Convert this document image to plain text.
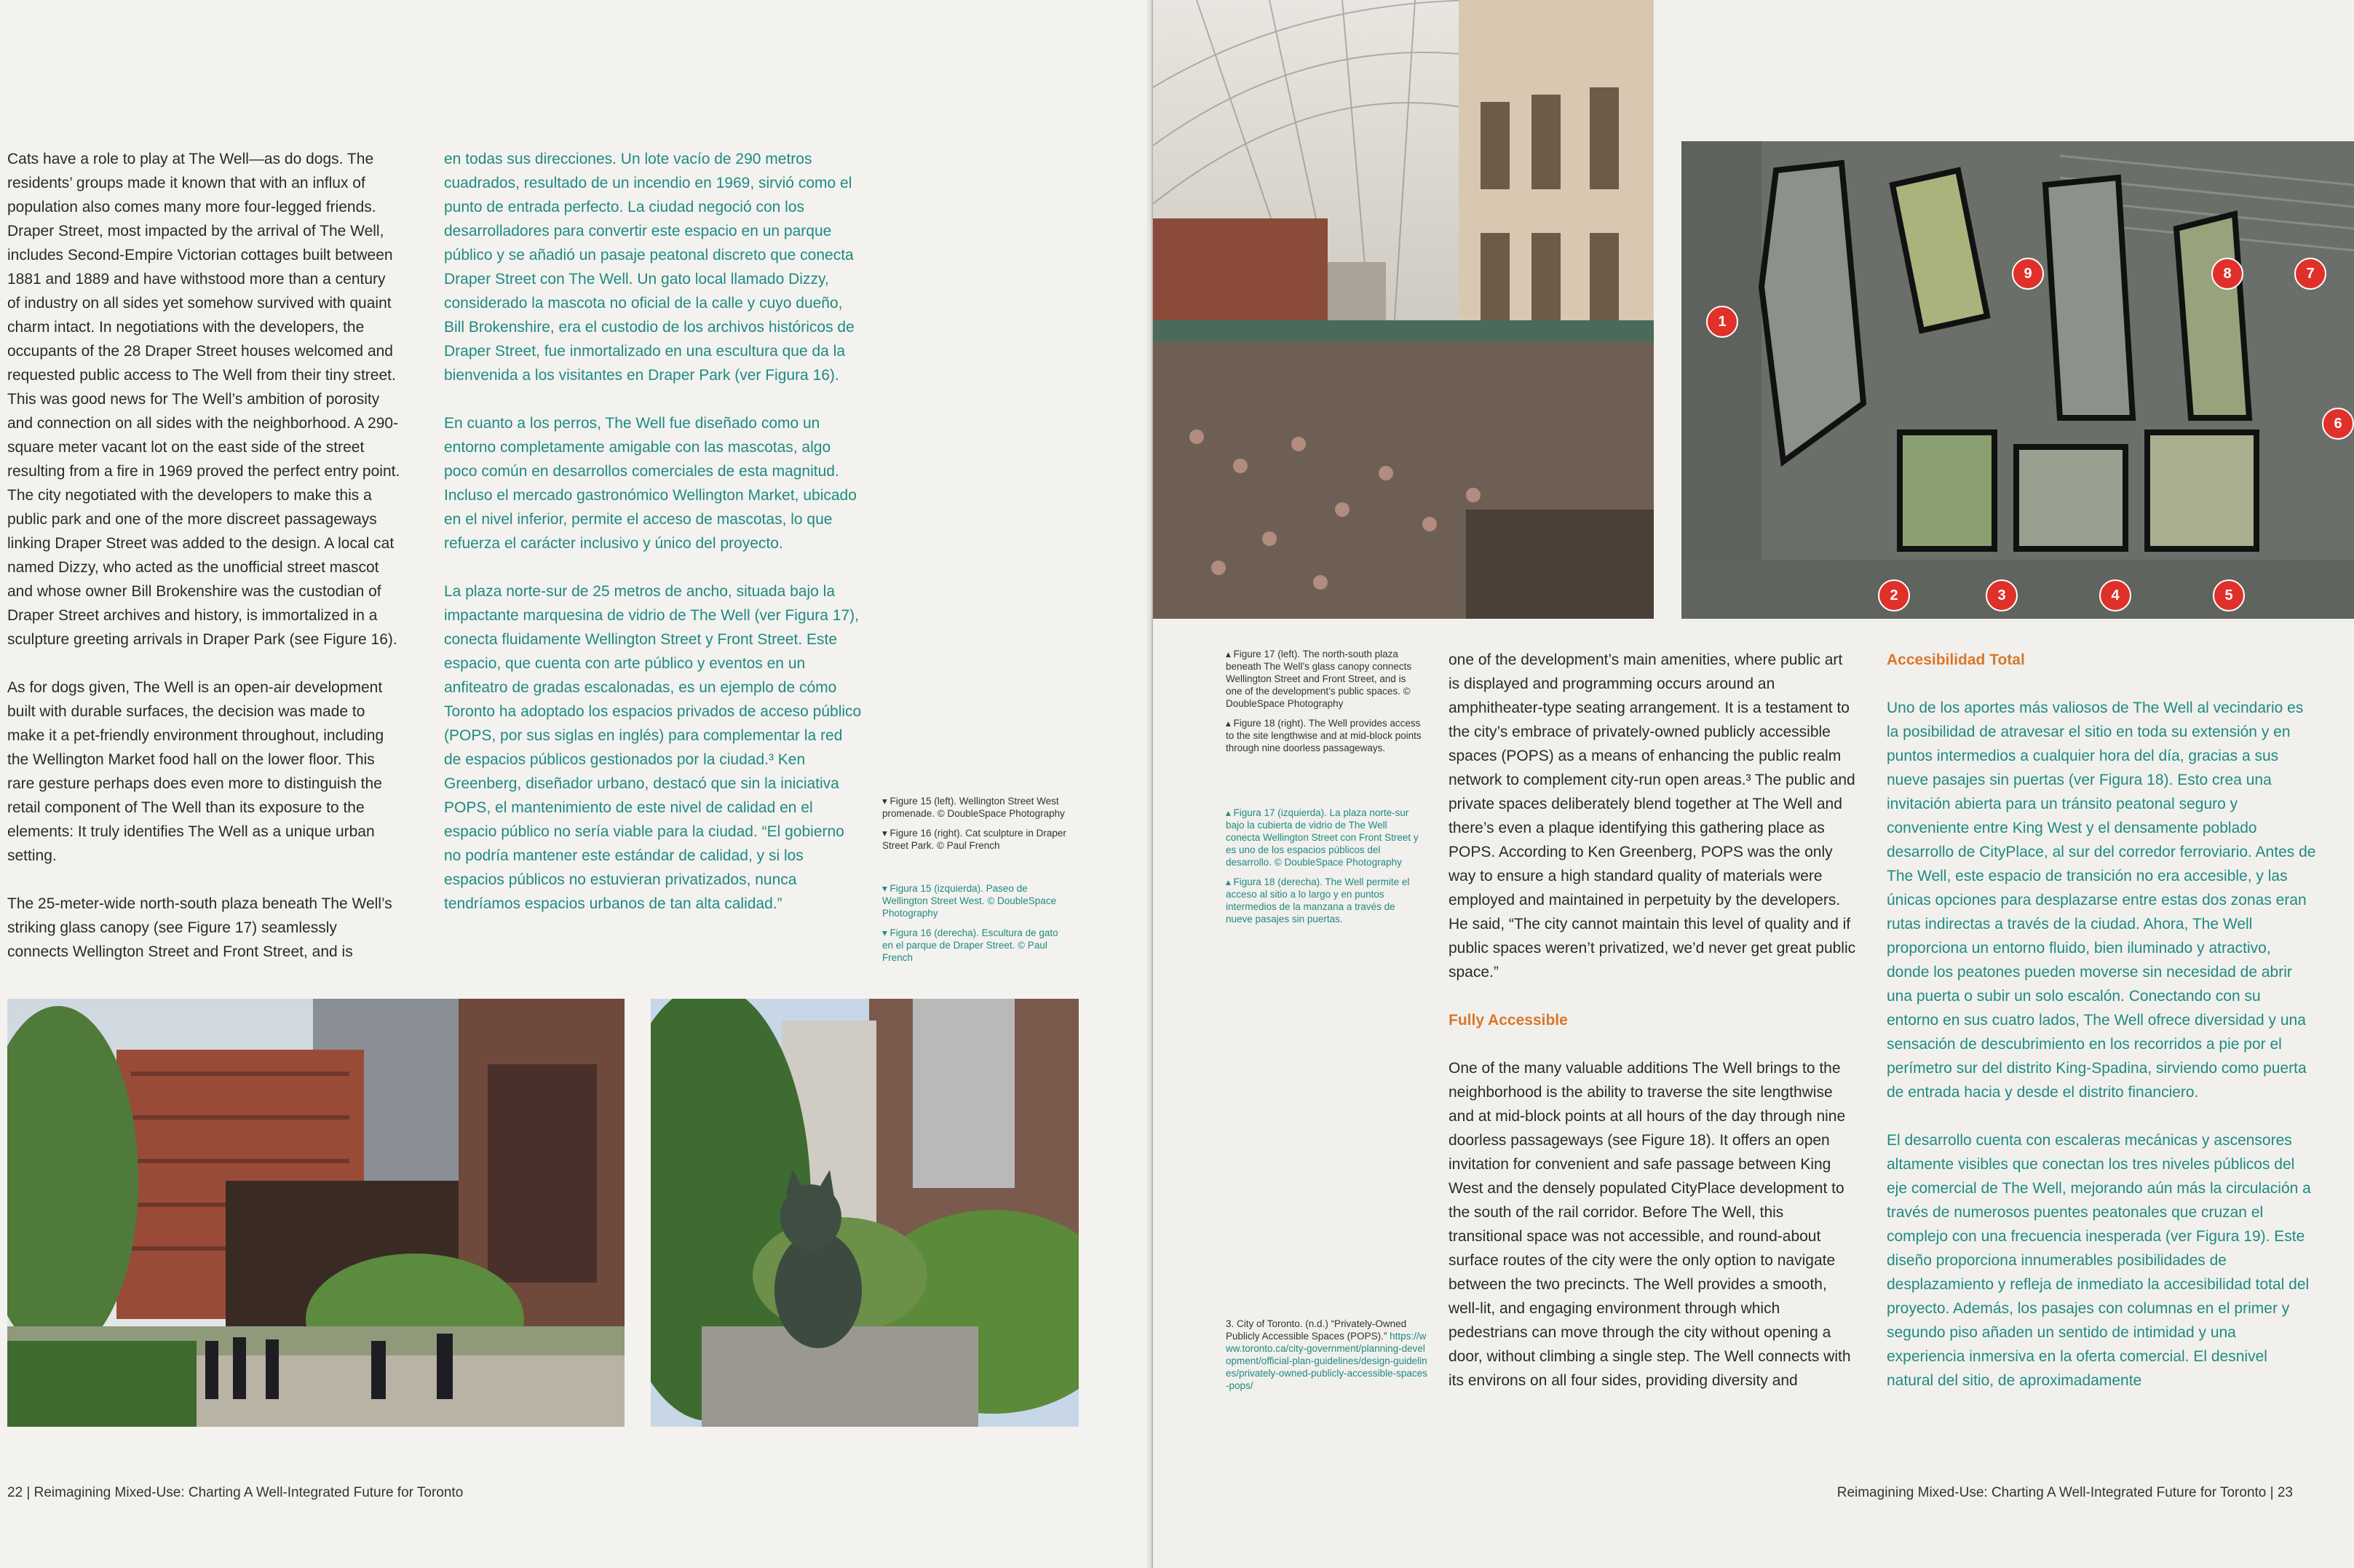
Cats have a role to play at The Well—as do dogs. The residents’ groups made it known that with an influx of population also comes many more four-legged friends. Draper Street, most impacted by the arrival of The Well, includes Second-Empire Victorian cottages built between 1881 and 1889 and have withstood more than a century of industry on all sides yet somehow survived with quaint charm intact. In negotiations with the developers, the occupants of the 28 Draper Street houses welcomed and requested public access to The Well from their tiny street. This was good news for The Well’s ambition of porosity and connection on all sides with the neighborhood. A 290-square meter vacant lot on the east side of the street resulting from a fire in 1969 proved the perfect entry point. The city negotiated with the developers to make this a public park and one of the more discreet passageways linking Draper Street was added to the design. A local cat named Dizzy, who acted as the unofficial street mascot and whose owner Bill Brokenshire was the custodian of Draper Street archives and history, is immortalized in a sculpture greeting arrivals in Draper Park (see Figure 16).

As for dogs given, The Well is an open-air development built with durable surfaces, the decision was made to make it a pet-friendly environment throughout, including the Wellington Market food hall on the lower floor. This rare gesture perhaps does even more to distinguish the retail component of The Well than its exposure to the elements: It truly identifies The Well as a unique urban setting.

The 25-meter-wide north-south plaza beneath The Well’s striking glass canopy (see Figure 17) seamlessly connects Wellington Street and Front Street, and is

en todas sus direcciones. Un lote vacío de 290 metros cuadrados, resultado de un incendio en 1969, sirvió como el punto de entrada perfecto. La ciudad negoció con los desarrolladores para convertir este espacio en un parque público y se añadió un pasaje peatonal discreto que conecta Draper Street con The Well. Un gato local llamado Dizzy, considerado la mascota no oficial de la calle y cuyo dueño, Bill Brokenshire, era el custodio de los archivos históricos de Draper Street, fue inmortalizado en una escultura que da la bienvenida a los visitantes en Draper Park (ver Figura 16).

En cuanto a los perros, The Well fue diseñado como un entorno completamente amigable con las mascotas, algo poco común en desarrollos comerciales de esta magnitud. Incluso el mercado gastronómico Wellington Market, ubicado en el nivel inferior, permite el acceso de mascotas, lo que refuerza el carácter inclusivo y único del proyecto.

La plaza norte-sur de 25 metros de ancho, situada bajo la impactante marquesina de vidrio de The Well (ver Figura 17), conecta fluidamente Wellington Street y Front Street. Este espacio, que cuenta con arte público y eventos en un anfiteatro de gradas escalonadas, es un ejemplo de cómo Toronto ha adoptado los espacios privados de acceso público (POPS, por sus siglas en inglés) para complementar la red de espacios públicos gestionados por la ciudad.³ Ken Greenberg, diseñador urbano, destacó que sin la iniciativa POPS, el mantenimiento de este nivel de calidad en el espacio público no sería viable para la ciudad. “El gobierno no podría mantener este estándar de calidad, y si los espacios públicos no estuvieran privatizados, nunca tendríamos espacios urbanos de tan alta calidad.”

▾ Figure 15 (left). Wellington Street West promenade. © DoubleSpace Photography

▾ Figure 16 (right). Cat sculpture in Draper Street Park. © Paul French

▾ Figura 15 (izquierda). Paseo de Wellington Street West. © DoubleSpace Photography

▾ Figura 16 (derecha). Escultura de gato en el parque de Draper Street. © Paul French

22 | Reimagining Mixed-Use: Charting A Well-Integrated Future for Toronto
1
2	3	4	5
6
7
8
9

▴ Figure 17 (left). The north-south plaza beneath The Well’s glass canopy connects Wellington Street and Front Street, and is one of the development’s public spaces. © DoubleSpace Photography

▴ Figure 18 (right). The Well provides access to the site lengthwise and at mid-block points through nine doorless passageways.

▴ Figura 17 (izquierda). La plaza norte-sur bajo la cubierta de vidrio de The Well conecta Wellington Street con Front Street y es uno de los espacios públicos del desarrollo. © DoubleSpace Photography

▴ Figura 18 (derecha). The Well permite el acceso al sitio a lo largo y en puntos intermedios de la manzana a través de nueve pasajes sin puertas.

3. City of Toronto. (n.d.) “Privately-Owned Publicly Accessible Spaces (POPS).” https://www.toronto.ca/city-government/planning-development/official-plan-guidelines/design-guidelines/privately-owned-publicly-accessible-spaces-pops/

one of the development’s main amenities, where public art is displayed and programming occurs around an amphitheater-type seating arrangement. It is a testament to the city’s embrace of privately-owned publicly accessible spaces (POPS) as a means of enhancing the public realm network to complement city-run open areas.³ The public and private spaces deliberately blend together at The Well and there’s even a plaque identifying this gathering place as POPS. According to Ken Greenberg, POPS was the only way to ensure a high standard quality of materials were employed and maintained in perpetuity by the developers. He said, “The city cannot maintain this level of quality and if public spaces weren’t privatized, we’d never get great public space.”

Fully Accessible

One of the many valuable additions The Well brings to the neighborhood is the ability to traverse the site lengthwise and at mid-block points at all hours of the day through nine doorless passageways (see Figure 18). It offers an open invitation for convenient and safe passage between King West and the densely populated CityPlace development to the south of the rail corridor. Before The Well, this transitional space was not accessible, and round-about surface routes of the city were the only option to navigate between the two precincts. The Well provides a smooth, well-lit, and engaging environment through which pedestrians can move through the city without opening a door, without climbing a single step. The Well connects with its environs on all four sides, providing diversity and

Accesibilidad Total

Uno de los aportes más valiosos de The Well al vecindario es la posibilidad de atravesar el sitio en toda su extensión y en puntos intermedios a cualquier hora del día, gracias a sus nueve pasajes sin puertas (ver Figura 18). Esto crea una invitación abierta para un tránsito peatonal seguro y conveniente entre King West y el densamente poblado desarrollo de CityPlace, al sur del corredor ferroviario. Antes de The Well, este espacio de transición no era accesible, y las únicas opciones para desplazarse entre estas dos zonas eran rutas indirectas a través de la ciudad. Ahora, The Well proporciona un entorno fluido, bien iluminado y atractivo, donde los peatones pueden moverse sin necesidad de abrir una puerta o subir un solo escalón. Conectando con su entorno en sus cuatro lados, The Well ofrece diversidad y una sensación de descubrimiento en los recorridos a pie por el perímetro sur del distrito King-Spadina, sirviendo como puerta de entrada hacia y desde el distrito financiero.

El desarrollo cuenta con escaleras mecánicas y ascensores altamente visibles que conectan los tres niveles públicos del eje comercial de The Well, mejorando aún más la circulación a través de numerosos puentes peatonales que cruzan el complejo con una frecuencia inesperada (ver Figura 19). Este diseño proporciona innumerables posibilidades de desplazamiento y refleja de inmediato la accesibilidad total del proyecto. Además, los pasajes con columnas en el primer y segundo piso añaden un sentido de intimidad y una experiencia inmersiva en la oferta comercial. El desnivel natural del sitio, de aproximadamente

Reimagining Mixed-Use: Charting A Well-Integrated Future for Toronto | 23
